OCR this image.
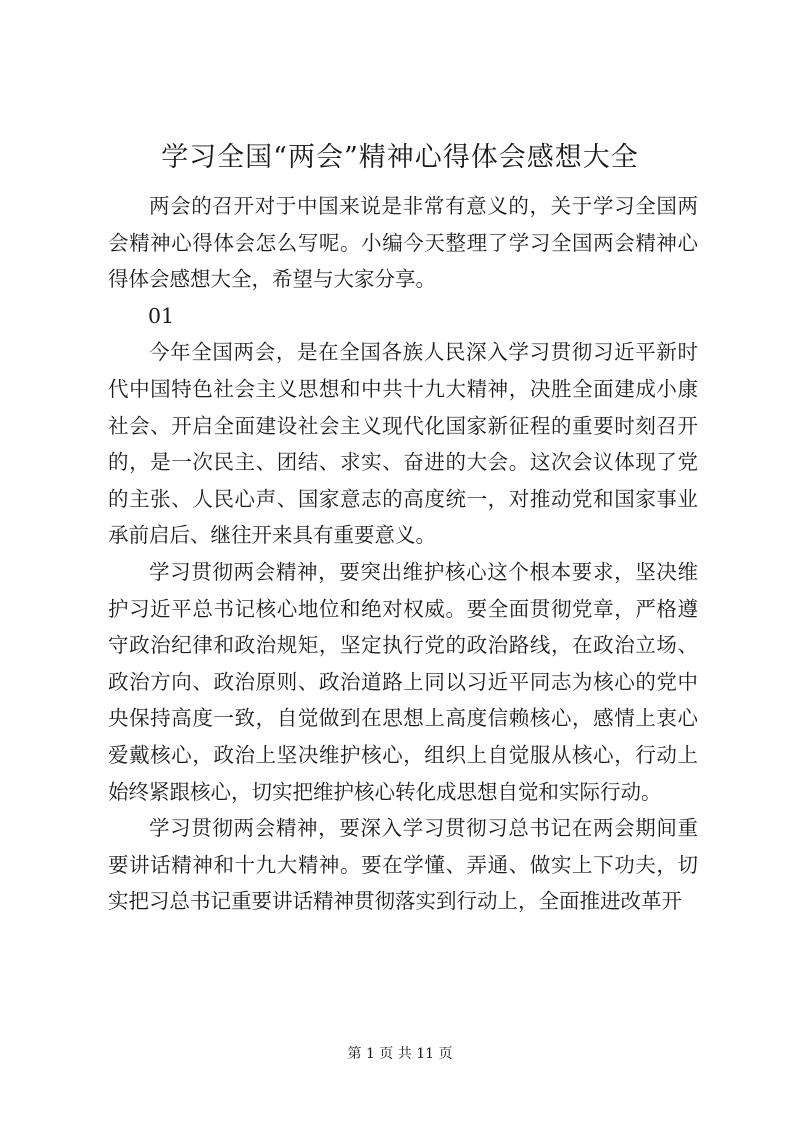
学习全国“两会”精神心得体会感想大全

两会的召开对于中国来说是非常有意义的，关于学习全国两会精神心得体会怎么写呢。小编今天整理了学习全国两会精神心得体会感想大全，希望与大家分享。

01

今年全国两会，是在全国各族人民深入学习贯彻习近平新时代中国特色社会主义思想和中共十九大精神，决胜全面建成小康社会、开启全面建设社会主义现代化国家新征程的重要时刻召开的，是一次民主、团结、求实、奋进的大会。这次会议体现了党的主张、人民心声、国家意志的高度统一，对推动党和国家事业承前启后、继往开来具有重要意义。

学习贯彻两会精神，要突出维护核心这个根本要求，坚决维护习近平总书记核心地位和绝对权威。要全面贯彻党章，严格遵守政治纪律和政治规矩，坚定执行党的政治路线，在政治立场、政治方向、政治原则、政治道路上同以习近平同志为核心的党中央保持高度一致，自觉做到在思想上高度信赖核心，感情上衷心爱戴核心，政治上坚决维护核心，组织上自觉服从核心，行动上始终紧跟核心，切实把维护核心转化成思想自觉和实际行动。

学习贯彻两会精神，要深入学习贯彻习总书记在两会期间重要讲话精神和十九大精神。要在学懂、弄通、做实上下功夫，切实把习总书记重要讲话精神贯彻落实到行动上，全面推进改革开

第 1 页 共 11 页
